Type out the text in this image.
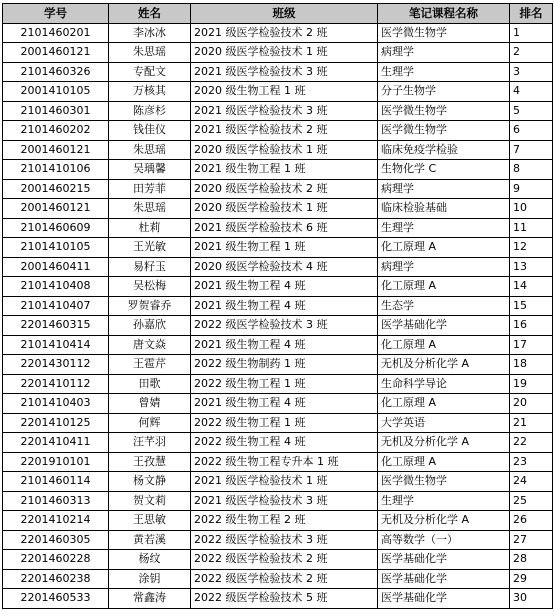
学号	姓名	班级	笔记课程名称	排名
2101460201	李冰冰	2021 级医学检验技术 2 班	医学微生物学	1
2001460121	朱思瑶	2020 级医学检验技术 1 班	病理学	2
2101460326	专配文	2021 级医学检验技术 3 班	生理学	3
2001410105	万核其	2020 级生物工程 1 班	分子生物学	4
2101460301	陈彦杉	2021 级医学检验技术 3 班	医学微生物学	5
2101460202	钱佳仪	2021 级医学检验技术 2 班	医学微生物学	6
2001460121	朱思瑶	2020 级医学检验技术 1 班	临床免疫学检验	7
2101410106	吴瑀馨	2021 级生物工程 1 班	生物化学 C	8
2001460215	田芳菲	2020 级医学检验技术 2 班	病理学	9
2001460121	朱思瑶	2020 级医学检验技术 1 班	临床检验基础	10
2101460609	杜莉	2021 级医学检验技术 6 班	生理学	11
2101410105	王光敏	2021 级生物工程 1 班	化工原理 A	12
2001460411	易籽玉	2020 级医学检验技术 4 班	病理学	13
2101410408	吴松梅	2021 级生物工程 4 班	化工原理 A	14
2101410407	罗贺睿乔	2021 级生物工程 4 班	生态学	15
2201460315	孙嘉欣	2022 级医学检验技术 3 班	医学基础化学	16
2101410414	唐文焱	2021 级生物工程 4 班	化工原理 A	17
2201430112	王雹芹	2022 级生物制药 1 班	无机及分析化学 A	18
2201410112	田歌	2022 级生物工程 1 班	生命科学导论	19
2101410403	曾婧	2021 级生物工程 4 班	化工原理 A	20
2201410125	何辉	2022 级生物工程 1 班	大学英语	21
2201410411	汪芊羽	2022 级生物工程 4 班	无机及分析化学 A	22
2201910101	王孜慧	2022 级生物工程专升本 1 班	化工原理 A	23
2101460114	杨文静	2021 级医学检验技术 1 班	医学微生物学	24
2101460313	贺文莉	2021 级医学检验技术 3 班	生理学	25
2201410214	王思敏	2022 级生物工程 2 班	无机及分析化学 A	26
2201460305	黄若溪	2022 级医学检验技术 3 班	高等数学（一）	27
2201460228	杨纹	2022 级医学检验技术 2 班	医学基础化学	28
2201460238	涂钥	2022 级医学检验技术 2 班	医学基础化学	29
2201460533	常鑫涛	2022 级医学检验技术 5 班	医学基础化学	30
